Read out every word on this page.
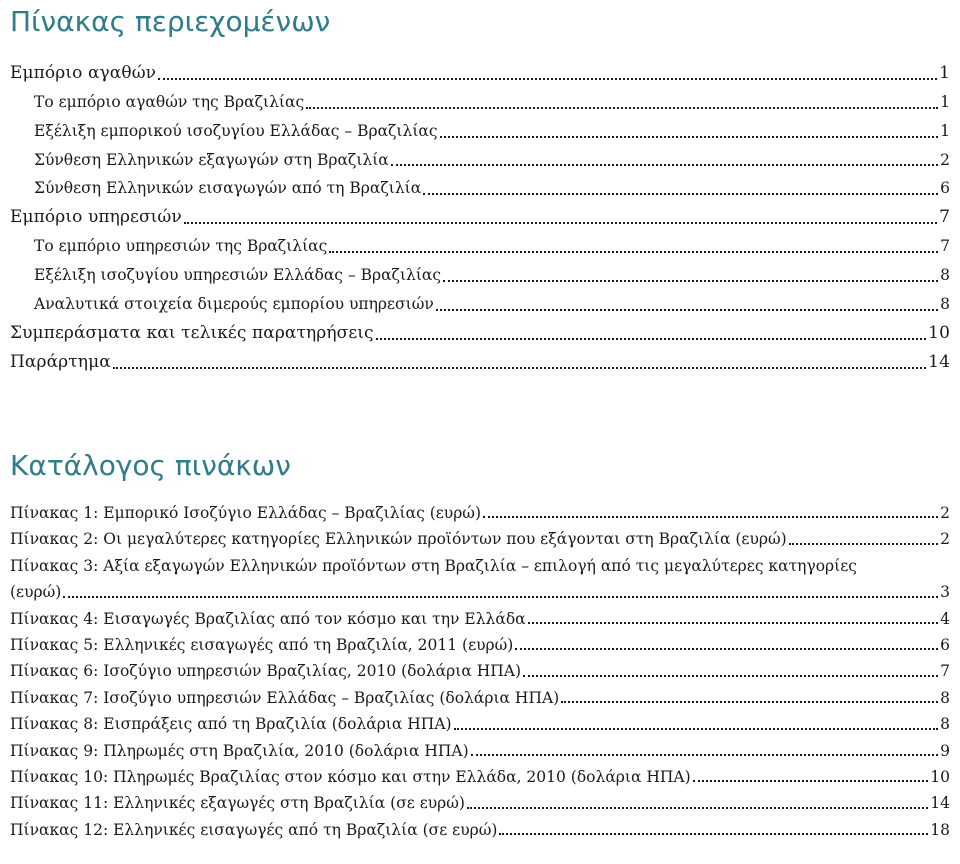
Πίνακας περιεχομένων
Εμπόριο αγαθών	1
Το εμπόριο αγαθών της Βραζιλίας	1
Εξέλιξη εμπορικού ισοζυγίου Ελλάδας – Βραζιλίας	1
Σύνθεση Ελληνικών εξαγωγών στη Βραζιλία	2
Σύνθεση Ελληνικών εισαγωγών από τη Βραζιλία	6
Εμπόριο υπηρεσιών	7
Το εμπόριο υπηρεσιών της Βραζιλίας	7
Εξέλιξη ισοζυγίου υπηρεσιών Ελλάδας – Βραζιλίας	8
Αναλυτικά στοιχεία διμερούς εμπορίου υπηρεσιών	8
Συμπεράσματα και τελικές παρατηρήσεις	10
Παράρτημα	14
Κατάλογος πινάκων
Πίνακας 1: Εμπορικό Ισοζύγιο Ελλάδας – Βραζιλίας (ευρώ)	2
Πίνακας 2: Οι μεγαλύτερες κατηγορίες Ελληνικών προϊόντων που εξάγονται στη Βραζιλία (ευρώ)	2
Πίνακας 3: Αξία εξαγωγών Ελληνικών προϊόντων στη Βραζιλία – επιλογή από τις μεγαλύτερες κατηγορίες
(ευρώ)	3
Πίνακας 4: Εισαγωγές Βραζιλίας από τον κόσμο και την Ελλάδα	4
Πίνακας 5: Ελληνικές εισαγωγές από τη Βραζιλία, 2011 (ευρώ)	6
Πίνακας 6: Ισοζύγιο υπηρεσιών Βραζιλίας, 2010 (δολάρια ΗΠΑ)	7
Πίνακας 7: Ισοζύγιο υπηρεσιών Ελλάδας – Βραζιλίας (δολάρια ΗΠΑ)	8
Πίνακας 8: Εισπράξεις από τη Βραζιλία (δολάρια ΗΠΑ)	8
Πίνακας 9: Πληρωμές στη Βραζιλία, 2010 (δολάρια ΗΠΑ)	9
Πίνακας 10: Πληρωμές Βραζιλίας στον κόσμο και στην Ελλάδα, 2010 (δολάρια ΗΠΑ)	10
Πίνακας 11: Ελληνικές εξαγωγές στη Βραζιλία (σε ευρώ)	14
Πίνακας 12: Ελληνικές εισαγωγές από τη Βραζιλία (σε ευρώ)	18
